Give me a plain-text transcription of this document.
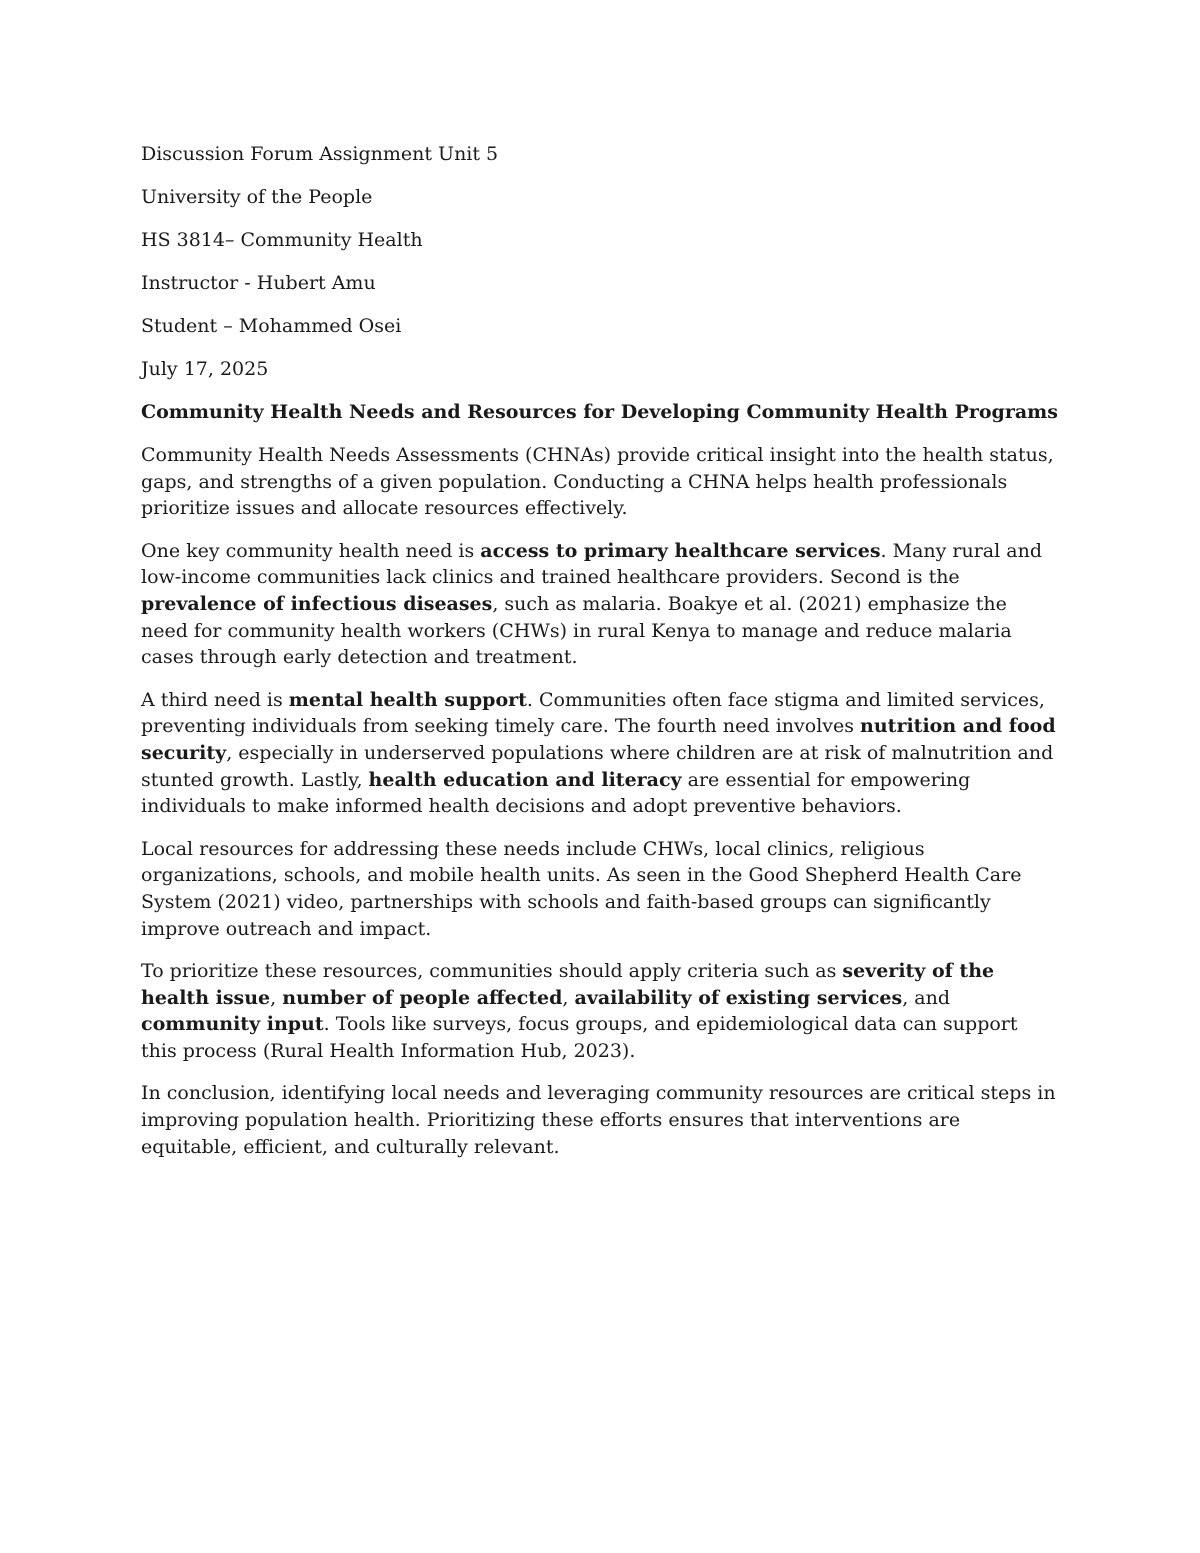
Discussion Forum Assignment Unit 5

University of the People

HS 3814– Community Health

Instructor - Hubert Amu

Student – Mohammed Osei

July 17, 2025

Community Health Needs and Resources for Developing Community Health Programs

Community Health Needs Assessments (CHNAs) provide critical insight into the health status, gaps, and strengths of a given population. Conducting a CHNA helps health professionals prioritize issues and allocate resources effectively.

One key community health need is access to primary healthcare services. Many rural and low-income communities lack clinics and trained healthcare providers. Second is the prevalence of infectious diseases, such as malaria. Boakye et al. (2021) emphasize the need for community health workers (CHWs) in rural Kenya to manage and reduce malaria cases through early detection and treatment.

A third need is mental health support. Communities often face stigma and limited services, preventing individuals from seeking timely care. The fourth need involves nutrition and food security, especially in underserved populations where children are at risk of malnutrition and stunted growth. Lastly, health education and literacy are essential for empowering individuals to make informed health decisions and adopt preventive behaviors.

Local resources for addressing these needs include CHWs, local clinics, religious organizations, schools, and mobile health units. As seen in the Good Shepherd Health Care System (2021) video, partnerships with schools and faith-based groups can significantly improve outreach and impact.

To prioritize these resources, communities should apply criteria such as severity of the health issue, number of people affected, availability of existing services, and community input. Tools like surveys, focus groups, and epidemiological data can support this process (Rural Health Information Hub, 2023).

In conclusion, identifying local needs and leveraging community resources are critical steps in improving population health. Prioritizing these efforts ensures that interventions are equitable, efficient, and culturally relevant.
